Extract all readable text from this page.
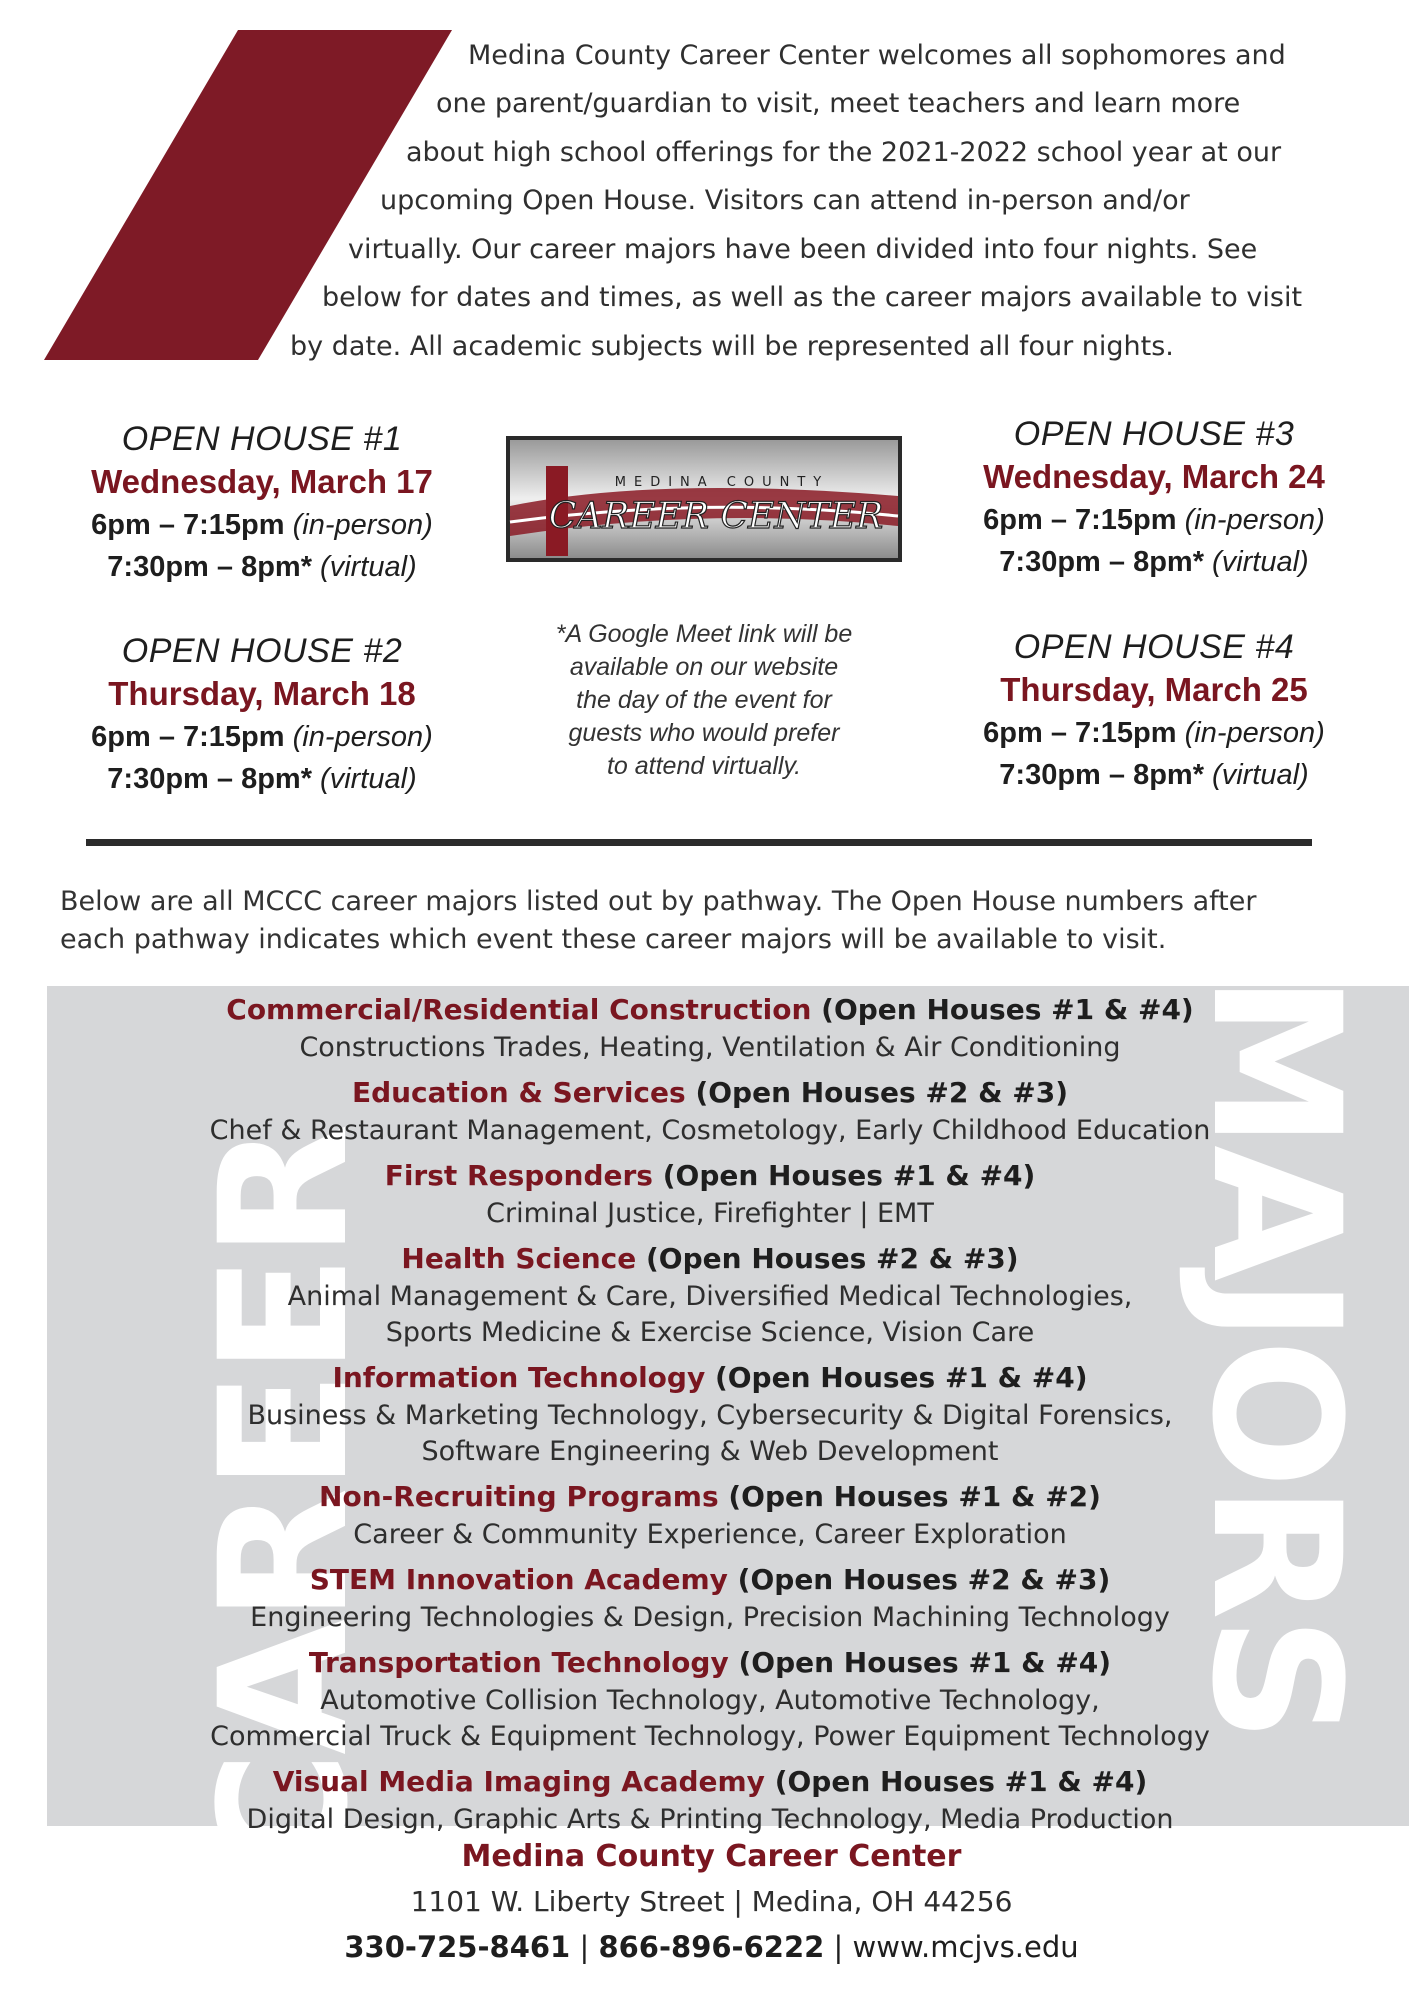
Medina County Career Center welcomes all sophomores and
one parent/guardian to visit, meet teachers and learn more
about high school offerings for the 2021-2022 school year at our
upcoming Open House. Visitors can attend in-person and/or
virtually. Our career majors have been divided into four nights. See
below for dates and times, as well as the career majors available to visit
by date. All academic subjects will be represented all four nights.
OPEN HOUSE #1
Wednesday, March 17
6pm – 7:15pm (in-person)
7:30pm – 8pm* (virtual)
OPEN HOUSE #2
Thursday, March 18
6pm – 7:15pm (in-person)
7:30pm – 8pm* (virtual)
OPEN HOUSE #3
Wednesday, March 24
6pm – 7:15pm (in-person)
7:30pm – 8pm* (virtual)
OPEN HOUSE #4
Thursday, March 25
6pm – 7:15pm (in-person)
7:30pm – 8pm* (virtual)
MEDINA COUNTY
CAREER CENTER
*A Google Meet link will be
available on our website
the day of the event for
guests who would prefer
to attend virtually.
Below are all MCCC career majors listed out by pathway. The Open House numbers after
each pathway indicates which event these career majors will be available to visit.
CAREER	MAJORS
Commercial/Residential Construction (Open Houses #1 & #4)
Constructions Trades, Heating, Ventilation & Air Conditioning
Education & Services (Open Houses #2 & #3)
Chef & Restaurant Management, Cosmetology, Early Childhood Education
First Responders (Open Houses #1 & #4)
Criminal Justice, Firefighter | EMT
Health Science (Open Houses #2 & #3)
Animal Management & Care, Diversified Medical Technologies,
Sports Medicine & Exercise Science, Vision Care
Information Technology (Open Houses #1 & #4)
Business & Marketing Technology, Cybersecurity & Digital Forensics,
Software Engineering & Web Development
Non-Recruiting Programs (Open Houses #1 & #2)
Career & Community Experience, Career Exploration
STEM Innovation Academy (Open Houses #2 & #3)
Engineering Technologies & Design, Precision Machining Technology
Transportation Technology (Open Houses #1 & #4)
Automotive Collision Technology, Automotive Technology,
Commercial Truck & Equipment Technology, Power Equipment Technology
Visual Media Imaging Academy (Open Houses #1 & #4)
Digital Design, Graphic Arts & Printing Technology, Media Production
Medina County Career Center
1101 W. Liberty Street | Medina, OH 44256
330-725-8461 | 866-896-6222 | www.mcjvs.edu
